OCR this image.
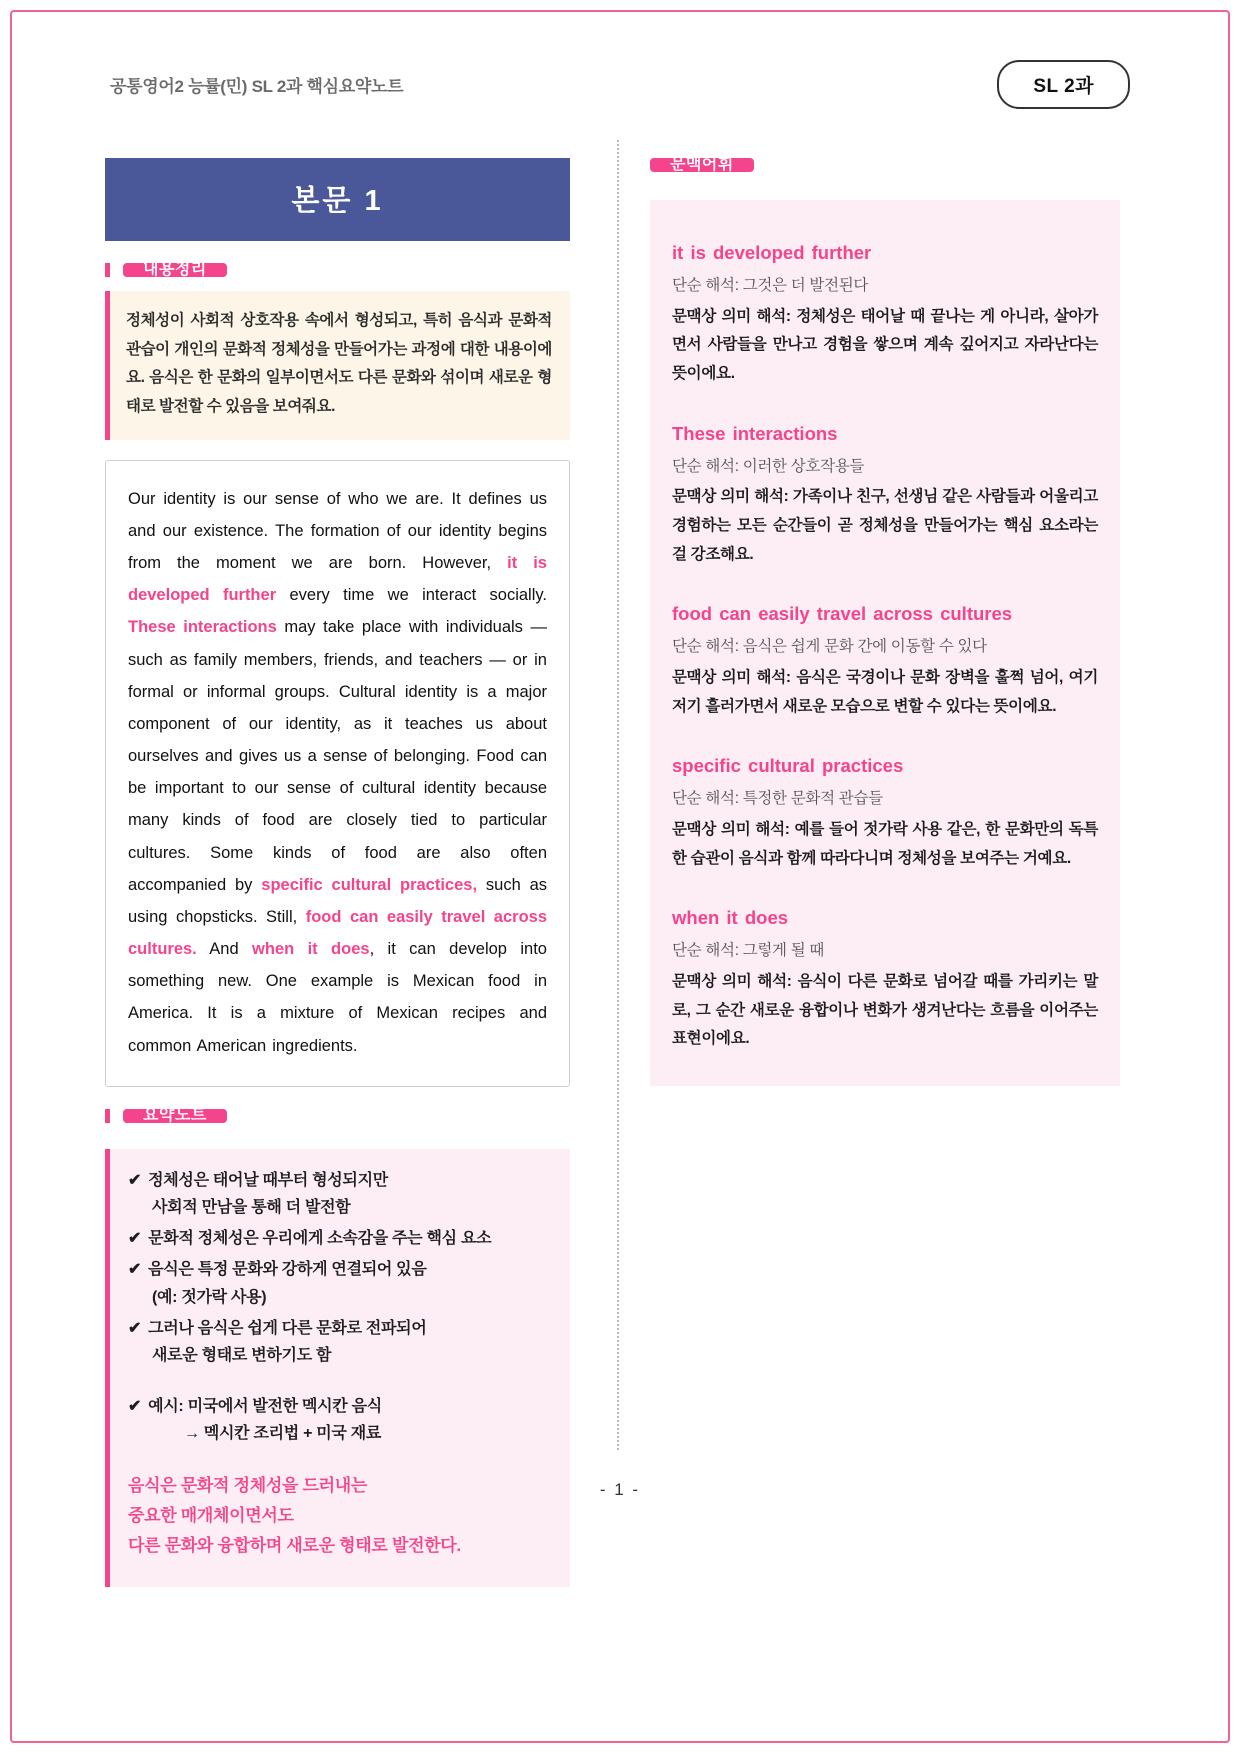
공통영어2 능률(민) SL 2과 핵심요약노트	SL 2과
본문 1
내용정리
정체성이 사회적 상호작용 속에서 형성되고, 특히 음식과 문화적 관습이 개인의 문화적 정체성을 만들어가는 과정에 대한 내용이에요. 음식은 한 문화의 일부이면서도 다른 문화와 섞이며 새로운 형태로 발전할 수 있음을 보여줘요.
Our identity is our sense of who we are. It defines us and our existence. The formation of our identity begins from the moment we are born. However, it is developed further every time we interact socially. These interactions may take place with individuals — such as family members, friends, and teachers — or in formal or informal groups. Cultural identity is a major component of our identity, as it teaches us about ourselves and gives us a sense of belonging. Food can be important to our sense of cultural identity because many kinds of food are closely tied to particular cultures. Some kinds of food are also often accompanied by specific cultural practices, such as using chopsticks. Still, food can easily travel across cultures. And when it does, it can develop into something new. One example is Mexican food in America. It is a mixture of Mexican recipes and common American ingredients.
요약노트
✔ 정체성은 태어날 때부터 형성되지만
사회적 만남을 통해 더 발전함
✔ 문화적 정체성은 우리에게 소속감을 주는 핵심 요소
✔ 음식은 특정 문화와 강하게 연결되어 있음
(예: 젓가락 사용)
✔ 그러나 음식은 쉽게 다른 문화로 전파되어
새로운 형태로 변하기도 함
✔ 예시: 미국에서 발전한 멕시칸 음식
→ 멕시칸 조리법 + 미국 재료
음식은 문화적 정체성을 드러내는
중요한 매개체이면서도
다른 문화와 융합하며 새로운 형태로 발전한다.
문맥어휘
it is developed further
단순 해석: 그것은 더 발전된다
문맥상 의미 해석: 정체성은 태어날 때 끝나는 게 아니라, 살아가면서 사람들을 만나고 경험을 쌓으며 계속 깊어지고 자라난다는 뜻이에요.
These interactions
단순 해석: 이러한 상호작용들
문맥상 의미 해석: 가족이나 친구, 선생님 같은 사람들과 어울리고 경험하는 모든 순간들이 곧 정체성을 만들어가는 핵심 요소라는 걸 강조해요.
food can easily travel across cultures
단순 해석: 음식은 쉽게 문화 간에 이동할 수 있다
문맥상 의미 해석: 음식은 국경이나 문화 장벽을 훌쩍 넘어, 여기저기 흘러가면서 새로운 모습으로 변할 수 있다는 뜻이에요.
specific cultural practices
단순 해석: 특정한 문화적 관습들
문맥상 의미 해석: 예를 들어 젓가락 사용 같은, 한 문화만의 독특한 습관이 음식과 함께 따라다니며 정체성을 보여주는 거예요.
when it does
단순 해석: 그렇게 될 때
문맥상 의미 해석: 음식이 다른 문화로 넘어갈 때를 가리키는 말로, 그 순간 새로운 융합이나 변화가 생겨난다는 흐름을 이어주는 표현이에요.
- 1 -
